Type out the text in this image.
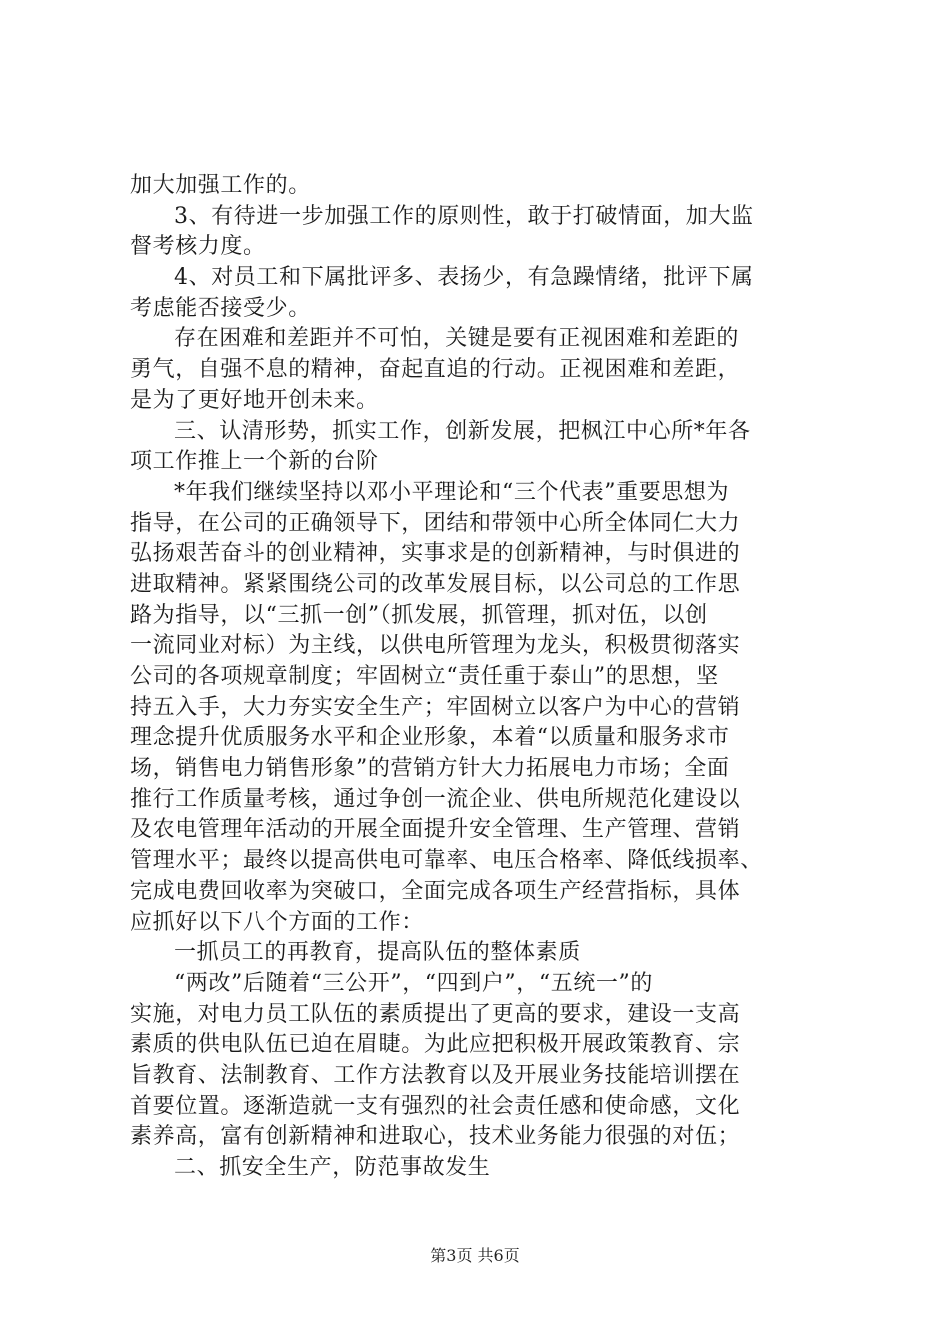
加大加强工作的。
3、有待进一步加强工作的原则性，敢于打破情面，加大监
督考核力度。
4、对员工和下属批评多、表扬少，有急躁情绪，批评下属
考虑能否接受少。
存在困难和差距并不可怕，关键是要有正视困难和差距的
勇气，自强不息的精神，奋起直追的行动。正视困难和差距，
是为了更好地开创未来。
三、认清形势，抓实工作，创新发展，把枫江中心所*年各
项工作推上一个新的台阶
*年我们继续坚持以邓小平理论和“三个代表”重要思想为
指导，在公司的正确领导下，团结和带领中心所全体同仁大力
弘扬艰苦奋斗的创业精神，实事求是的创新精神，与时俱进的
进取精神。紧紧围绕公司的改革发展目标，以公司总的工作思
路为指导，以“三抓一创”（抓发展，抓管理，抓对伍，以创
一流同业对标）为主线，以供电所管理为龙头，积极贯彻落实
公司的各项规章制度；牢固树立“责任重于泰山”的思想，坚
持五入手，大力夯实安全生产；牢固树立以客户为中心的营销
理念提升优质服务水平和企业形象，本着“以质量和服务求市
场，销售电力销售形象”的营销方针大力拓展电力市场；全面
推行工作质量考核，通过争创一流企业、供电所规范化建设以
及农电管理年活动的开展全面提升安全管理、生产管理、营销
管理水平；最终以提高供电可靠率、电压合格率、降低线损率、
完成电费回收率为突破口，全面完成各项生产经营指标，具体
应抓好以下八个方面的工作：
一抓员工的再教育，提高队伍的整体素质
“两改”后随着“三公开”，“四到户”，“五统一”的
实施，对电力员工队伍的素质提出了更高的要求，建设一支高
素质的供电队伍已迫在眉睫。为此应把积极开展政策教育、宗
旨教育、法制教育、工作方法教育以及开展业务技能培训摆在
首要位置。逐渐造就一支有强烈的社会责任感和使命感，文化
素养高，富有创新精神和进取心，技术业务能力很强的对伍；
二、抓安全生产，防范事故发生
第3页 共6页
